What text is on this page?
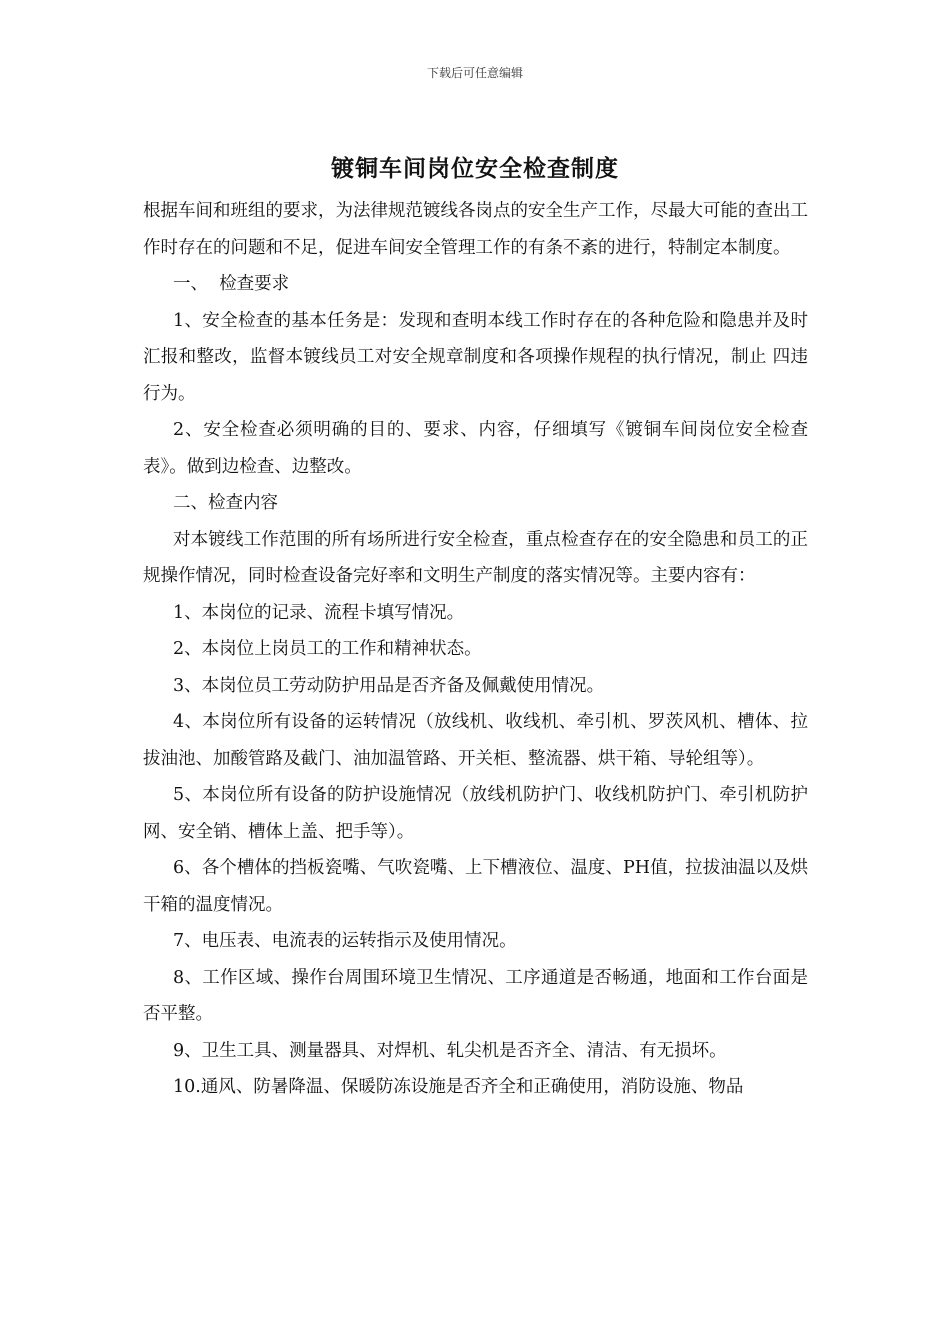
下载后可任意编辑
镀铜车间岗位安全检查制度

根据车间和班组的要求，为法律规范镀线各岗点的安全生产工作，尽最大可能的查出工作时存在的问题和不足，促进车间安全管理工作的有条不紊的进行，特制定本制度。

一、  检查要求

1、安全检查的基本任务是：发现和查明本线工作时存在的各种危险和隐患并及时汇报和整改，监督本镀线员工对安全规章制度和各项操作规程的执行情况，制止 四违 行为。

2、安全检查必须明确的目的、要求、内容，仔细填写《镀铜车间岗位安全检查表》。做到边检查、边整改。

二、检查内容

对本镀线工作范围的所有场所进行安全检查，重点检查存在的安全隐患和员工的正规操作情况，同时检查设备完好率和文明生产制度的落实情况等。主要内容有：

1、本岗位的记录、流程卡填写情况。

2、本岗位上岗员工的工作和精神状态。

3、本岗位员工劳动防护用品是否齐备及佩戴使用情况。

4、本岗位所有设备的运转情况（放线机、收线机、牵引机、罗茨风机、槽体、拉拔油池、加酸管路及截门、油加温管路、开关柜、整流器、烘干箱、导轮组等）。

5、本岗位所有设备的防护设施情况（放线机防护门、收线机防护门、牵引机防护网、安全销、槽体上盖、把手等）。

6、各个槽体的挡板瓷嘴、气吹瓷嘴、上下槽液位、温度、PH值，拉拔油温以及烘干箱的温度情况。

7、电压表、电流表的运转指示及使用情况。

8、工作区域、操作台周围环境卫生情况、工序通道是否畅通，地面和工作台面是否平整。

9、卫生工具、测量器具、对焊机、轧尖机是否齐全、清洁、有无损坏。

10.通风、防暑降温、保暖防冻设施是否齐全和正确使用，消防设施、物品
